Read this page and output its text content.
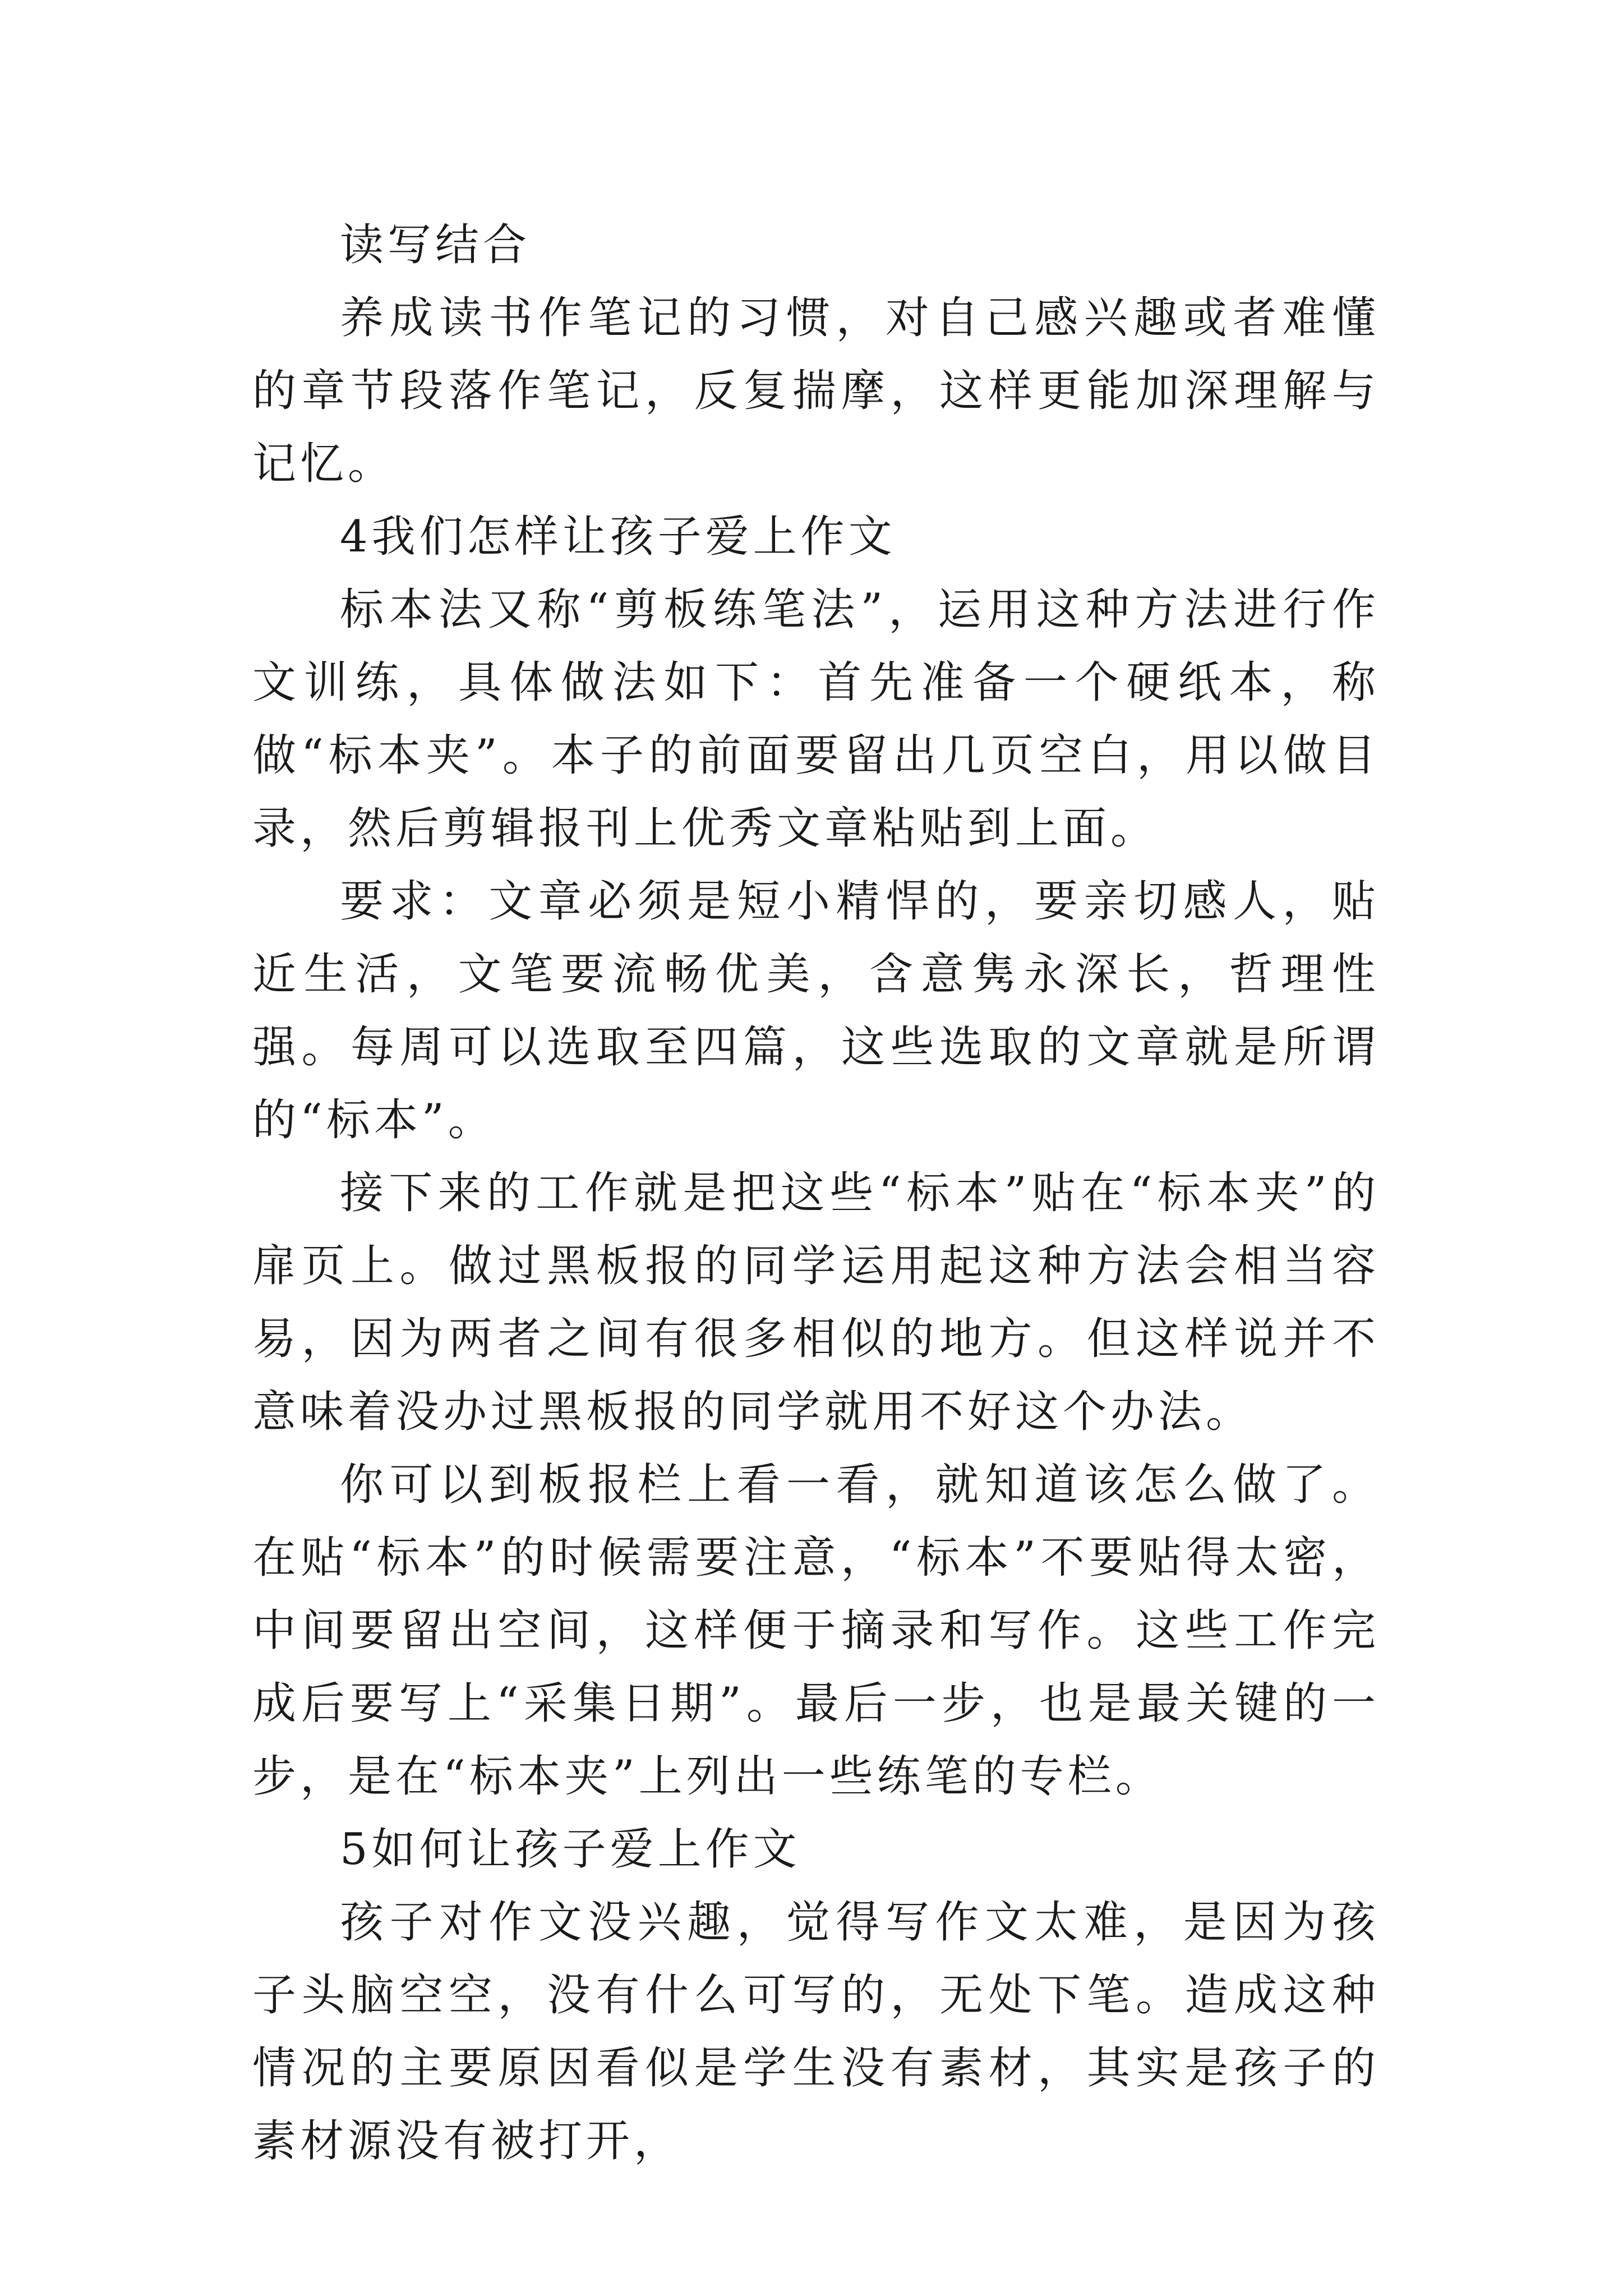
读写结合

养成读书作笔记的习惯，对自己感兴趣或者难懂的章节段落作笔记，反复揣摩，这样更能加深理解与记忆。

4我们怎样让孩子爱上作文

标本法又称“剪板练笔法”，运用这种方法进行作文训练，具体做法如下：首先准备一个硬纸本，称做“标本夹”。本子的前面要留出几页空白，用以做目录，然后剪辑报刊上优秀文章粘贴到上面。

要求：文章必须是短小精悍的，要亲切感人，贴近生活，文笔要流畅优美，含意隽永深长，哲理性强。每周可以选取至四篇，这些选取的文章就是所谓的“标本”。

接下来的工作就是把这些“标本”贴在“标本夹”的扉页上。做过黑板报的同学运用起这种方法会相当容易，因为两者之间有很多相似的地方。但这样说并不意味着没办过黑板报的同学就用不好这个办法。

你可以到板报栏上看一看，就知道该怎么做了。在贴“标本”的时候需要注意，“标本”不要贴得太密，中间要留出空间，这样便于摘录和写作。这些工作完成后要写上“采集日期”。最后一步，也是最关键的一步，是在“标本夹”上列出一些练笔的专栏。

5如何让孩子爱上作文

孩子对作文没兴趣，觉得写作文太难，是因为孩子头脑空空，没有什么可写的，无处下笔。造成这种情况的主要原因看似是学生没有素材，其实是孩子的素材源没有被打开，
